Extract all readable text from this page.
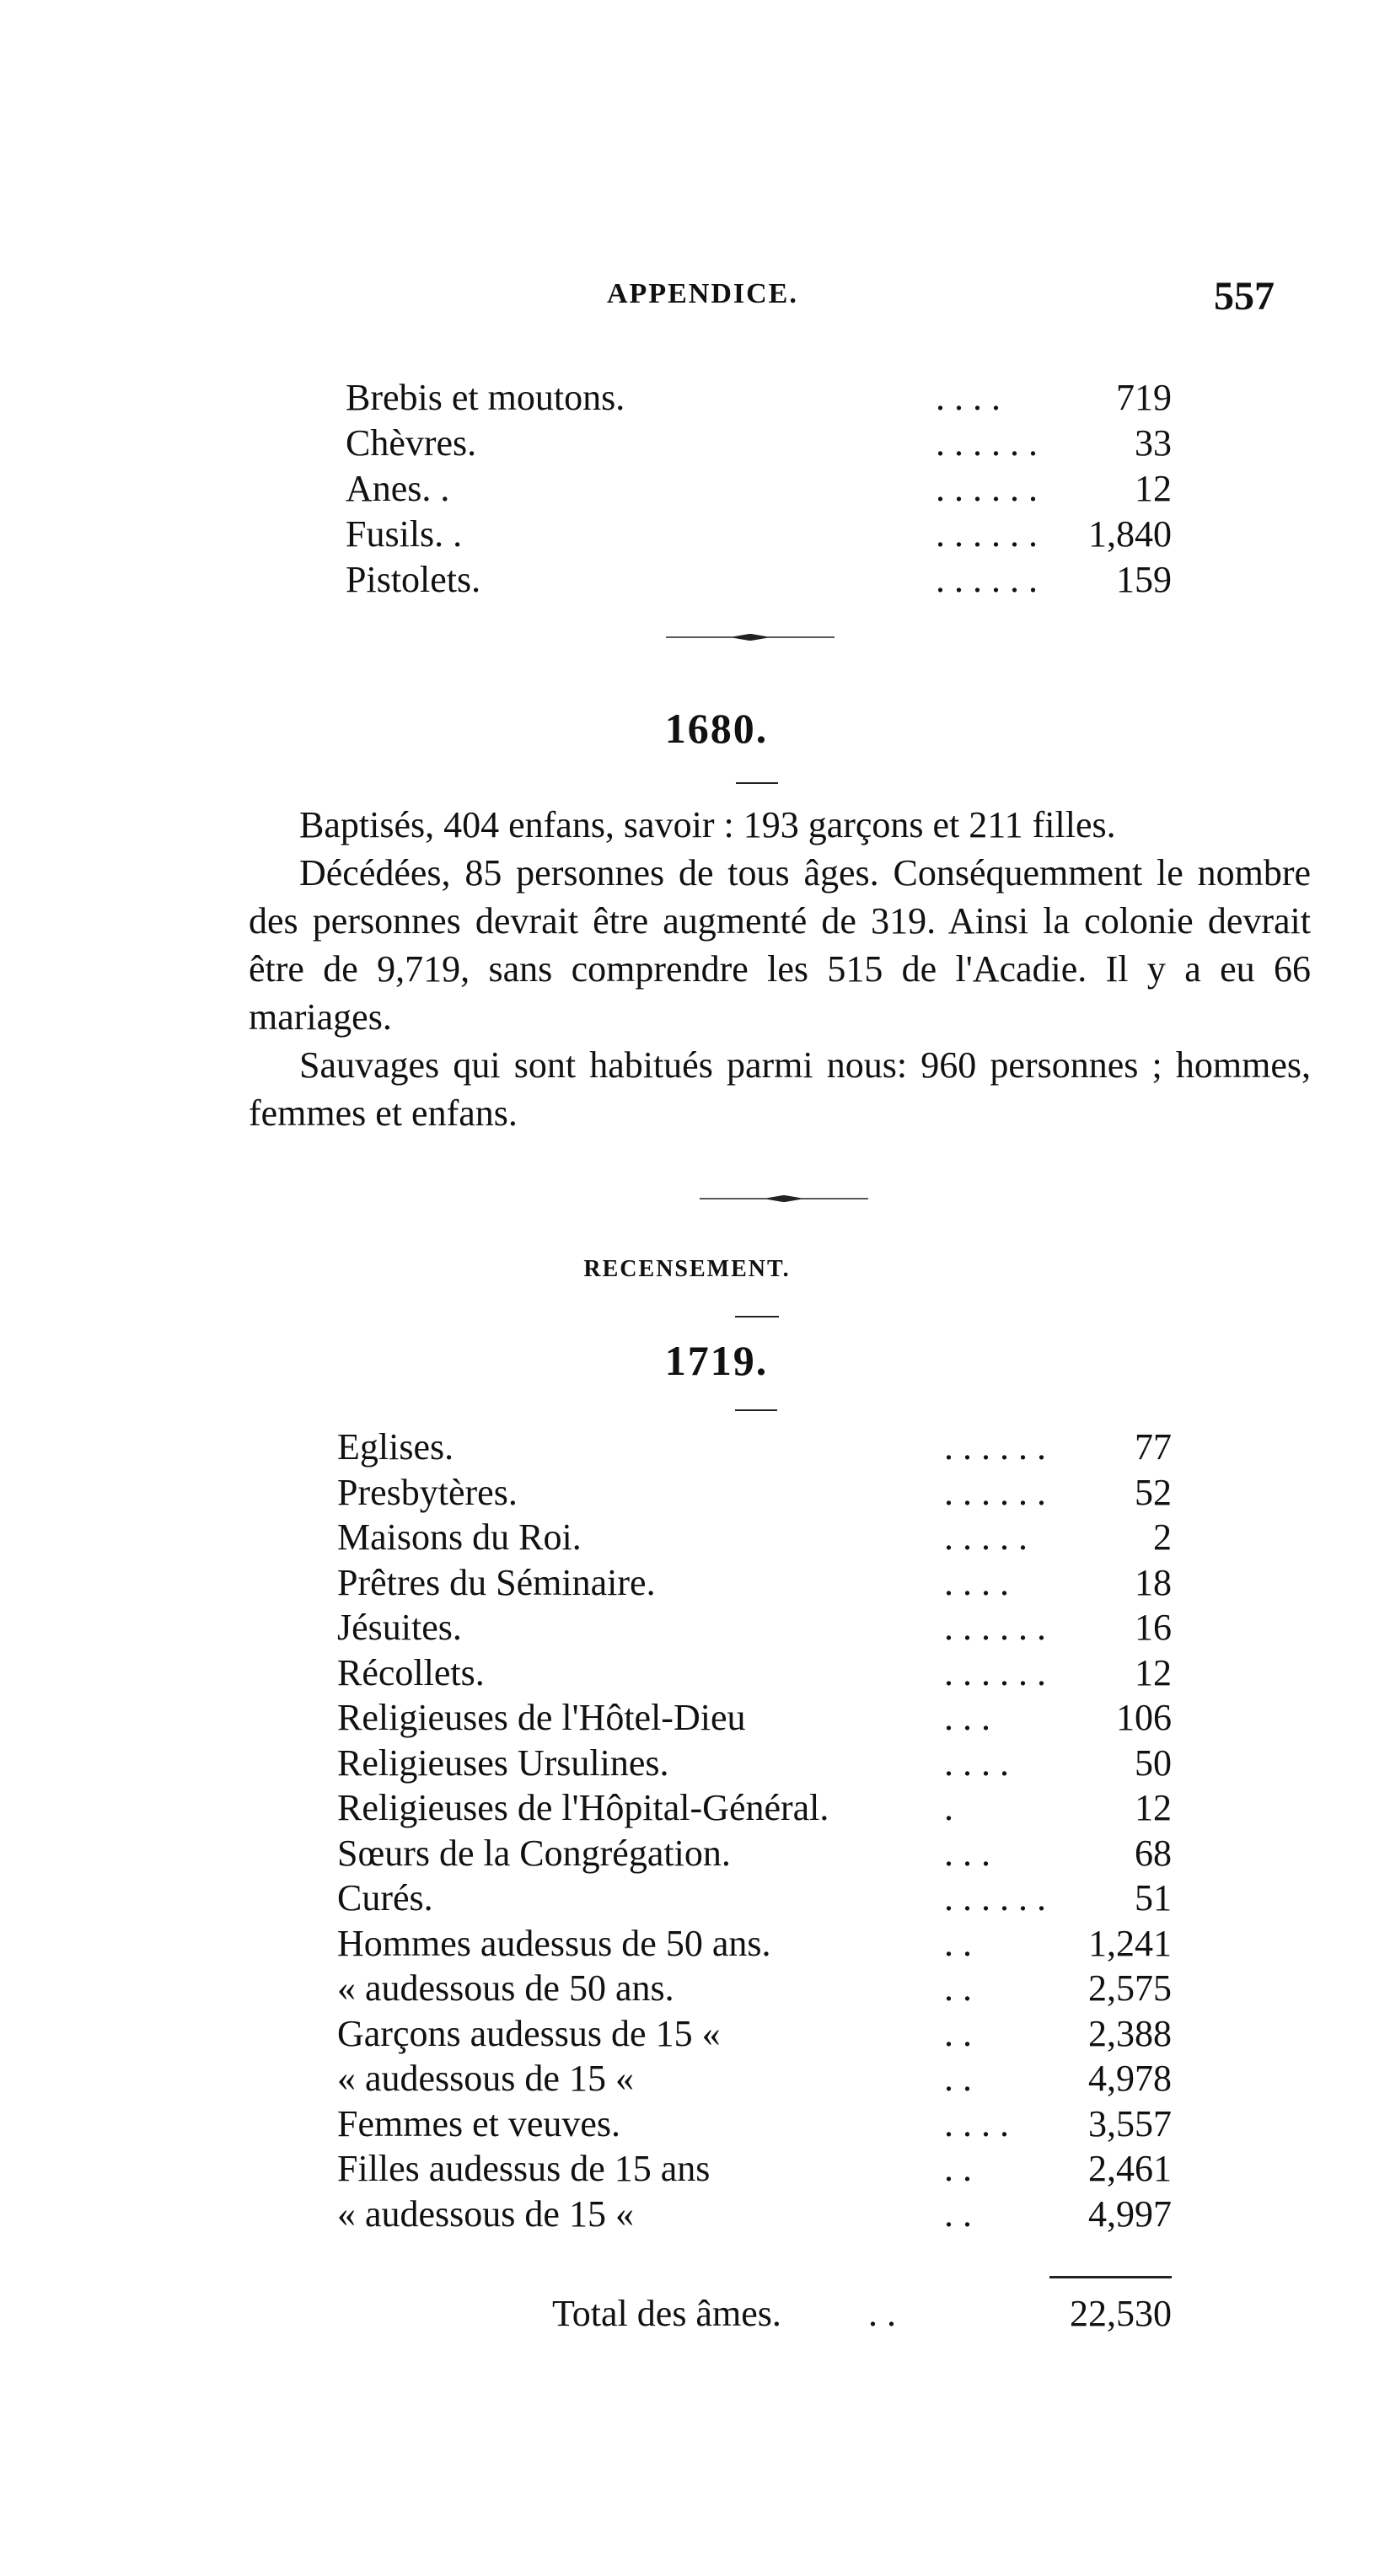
APPENDICE.	557
Brebis et moutons.	. . . .	719
Chèvres.	. . . . . .	33
Anes. .	. . . . . .	12
Fusils. .	. . . . . .	1,840
Pistolets.	. . . . . .	159
1680.

Baptisés, 404 enfans, savoir : 193 garçons et 211 filles.

Décédées, 85 personnes de tous âges. Conséquemment le nombre des personnes devrait être augmenté de 319. Ainsi la colonie devrait être de 9,719, sans comprendre les 515 de l'Acadie. Il y a eu 66 mariages.

Sauvages qui sont habitués parmi nous: 960 personnes ; hommes, femmes et enfans.

RECENSEMENT.
1719.
Eglises.	. . . . . .	77
Presbytères.	. . . . . .	52
Maisons du Roi.	. . . . .	2
Prêtres du Séminaire.	. . . .	18
Jésuites.	. . . . . .	16
Récollets.	. . . . . .	12
Religieuses de l'Hôtel-Dieu	. . .	106
Religieuses Ursulines.	. . . .	50
Religieuses de l'Hôpital-Général.	.	12
Sœurs de la Congrégation.	. . .	68
Curés.	. . . . . .	51
Hommes audessus de 50 ans.	. .	1,241
« audessous de 50 ans.	. .	2,575
Garçons audessus de 15 «	. .	2,388
« audessous de 15 «	. .	4,978
Femmes et veuves.	. . . .	3,557
Filles audessus de 15 ans	. .	2,461
« audessous de 15 «	. .	4,997
Total des âmes. . .	22,530
